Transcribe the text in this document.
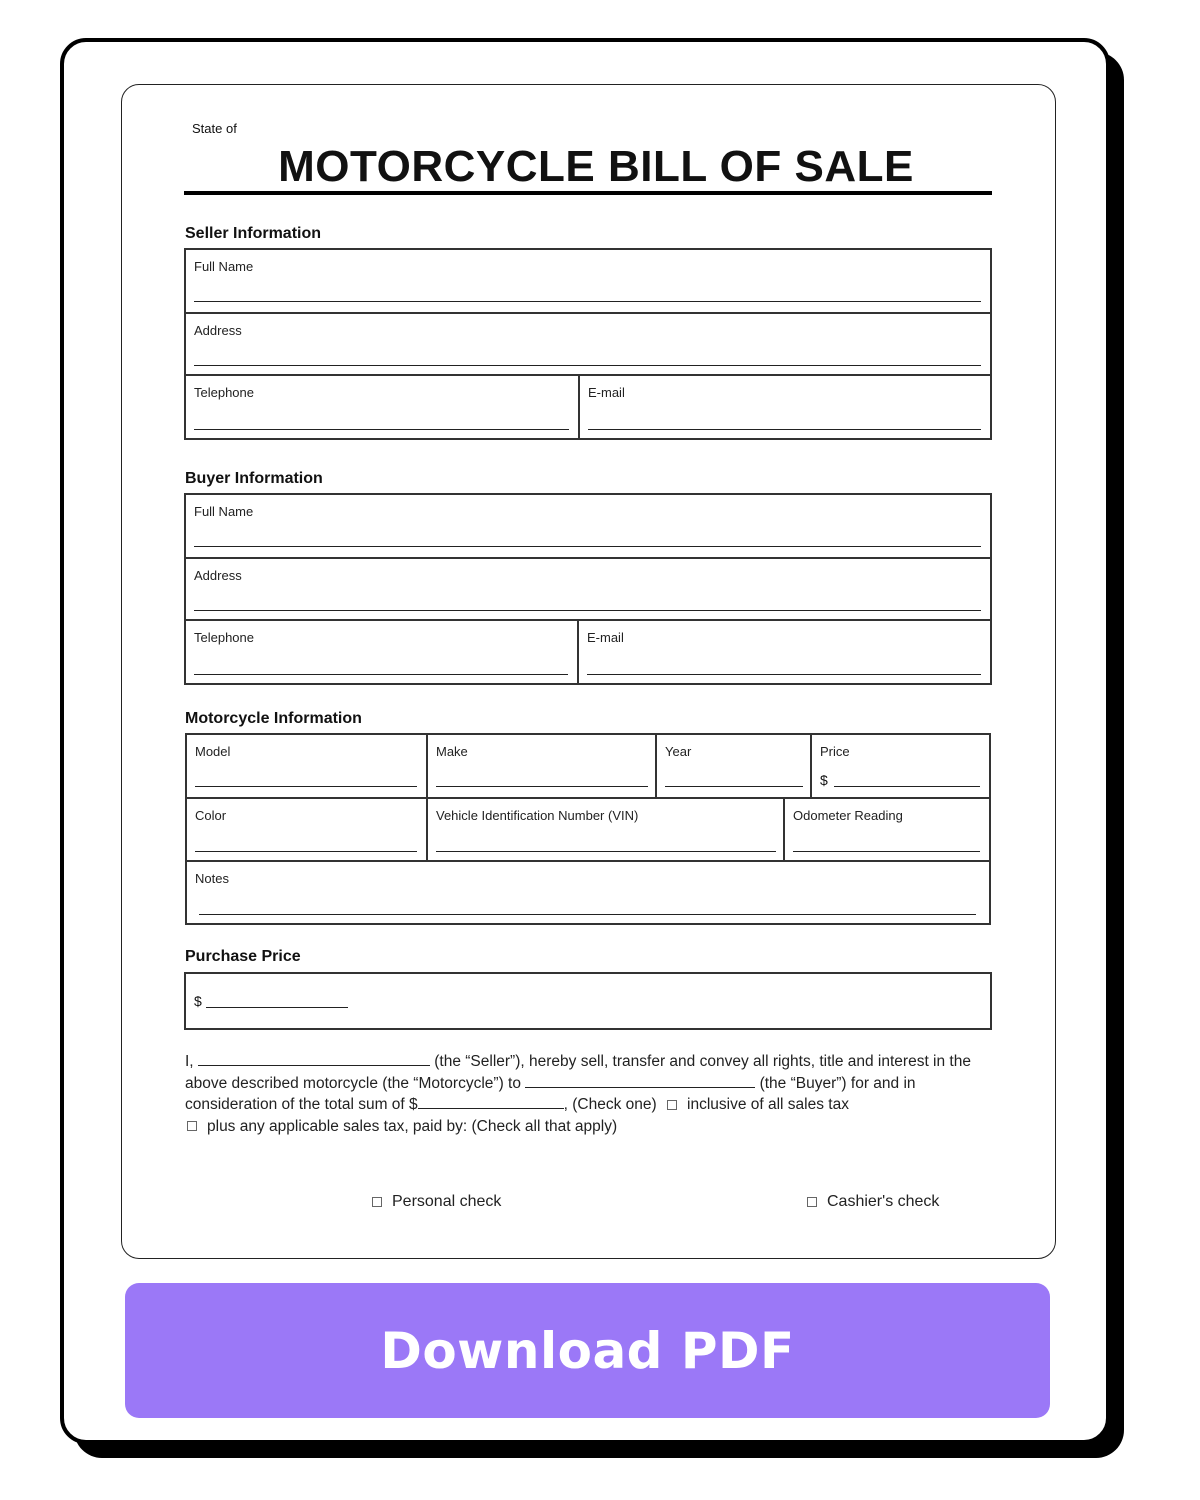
State of
MOTORCYCLE BILL OF SALE
Seller Information
Full Name
Address
Telephone	E-mail
Buyer Information
Full Name
Address
Telephone	E-mail
Motorcycle Information
Model	Make	Year	Price
$
Color	Vehicle Identification Number (VIN)	Odometer Reading
Notes
Purchase Price
$
I,	(the “Seller”), hereby sell, transfer and convey all rights, title and interest in the above described motorcycle (the “Motorcycle”) to	(the “Buyer”) for and in consideration of the total sum of $	, (Check one) inclusive of all sales tax
plus any applicable sales tax, paid by: (Check all that apply)
Personal check	Cashier's check
Download PDF
